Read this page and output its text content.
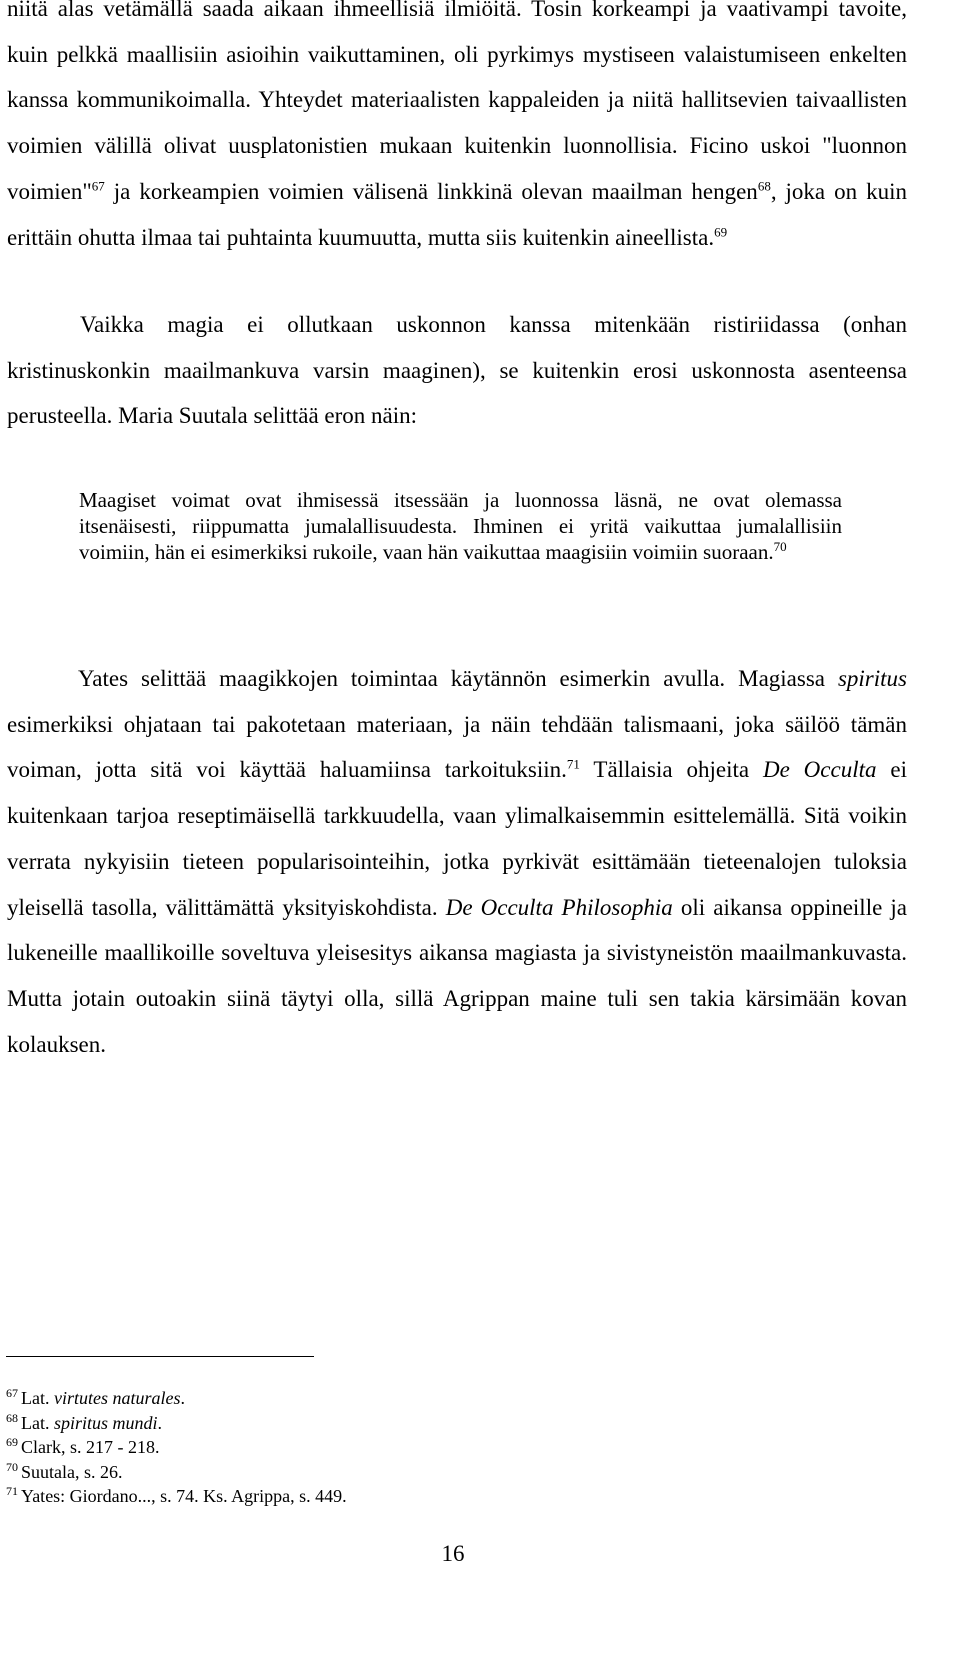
niitä alas vetämällä saada aikaan ihmeellisiä ilmiöitä. Tosin korkeampi ja vaativampi tavoite, kuin pelkkä maallisiin asioihin vaikuttaminen, oli pyrkimys mystiseen valaistumiseen enkelten kanssa kommunikoimalla. Yhteydet materiaalisten kappaleiden ja niitä hallitsevien taivaallisten voimien välillä olivat uusplatonistien mukaan kuitenkin luonnollisia. Ficino uskoi "luonnon voimien"$^{67}$ ja korkeampien voimien välisenä linkkinä olevan maailman hengen$^{68}$, joka on kuin erittäin ohutta ilmaa tai puhtainta kuumuutta, mutta siis kuitenkin aineellista.$^{69}$
Vaikka magia ei ollutkaan uskonnon kanssa mitenkään ristiriidassa (onhan kristinuskonkin maailmankuva varsin maaginen), se kuitenkin erosi uskonnosta asenteensa perusteella. Maria Suutala selittää eron näin:
Maagiset voimat ovat ihmisessä itsessään ja luonnossa läsnä, ne ovat olemassa itsenäisesti, riippumatta jumalallisuudesta. Ihminen ei yritä vaikuttaa jumalallisiin voimiin, hän ei esimerkiksi rukoile, vaan hän vaikuttaa maagisiin voimiin suoraan.$^{70}$
Yates selittää maagikkojen toimintaa käytännön esimerkin avulla. Magiassa spiritus esimerkiksi ohjataan tai pakotetaan materiaan, ja näin tehdään talismaani, joka säilöö tämän voiman, jotta sitä voi käyttää haluamiinsa tarkoituksiin.$^{71}$ Tällaisia ohjeita De Occulta ei kuitenkaan tarjoa reseptimäisellä tarkkuudella, vaan ylimalkaisemmin esittelemällä. Sitä voikin verrata nykyisiin tieteen popularisointeihin, jotka pyrkivät esittämään tieteenalojen tuloksia yleisellä tasolla, välittämättä yksityiskohdista. De Occulta Philosophia oli aikansa oppineille ja lukeneille maallikoille soveltuva yleisesitys aikansa magiasta ja sivistyneistön maailmankuvasta. Mutta jotain outoakin siinä täytyi olla, sillä Agrippan maine tuli sen takia kärsimään kovan kolauksen.
$^{67}$ Lat. virtutes naturales.
$^{68}$ Lat. spiritus mundi.
$^{69}$ Clark, s. 217 - 218.
$^{70}$ Suutala, s. 26.
$^{71}$ Yates: Giordano..., s. 74. Ks. Agrippa, s. 449.
16
